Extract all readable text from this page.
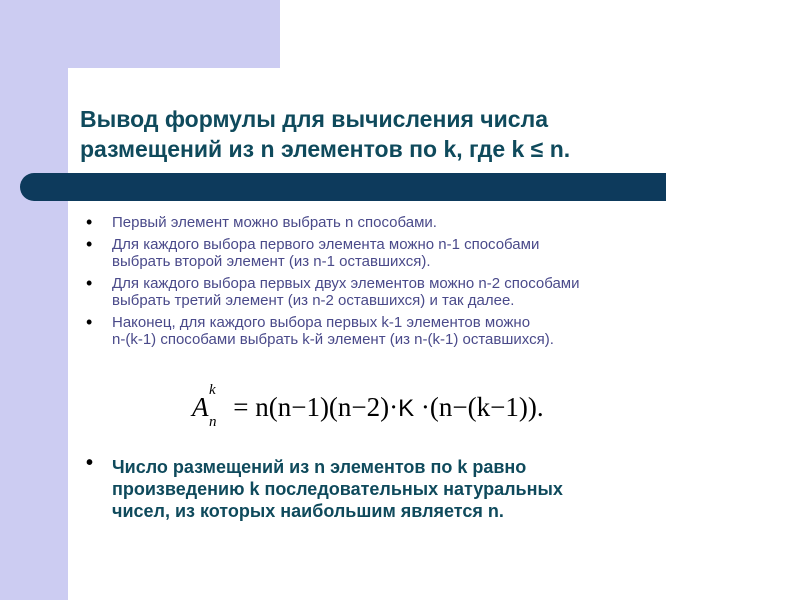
Вывод формулы для вычисления числа
размещений из n элементов по k, где k ≤ n.
• Первый элемент можно выбрать n способами.
• Для каждого выбора первого элемента можно n-1 способами
выбрать второй элемент (из n-1 оставшихся).
• Для каждого выбора первых двух элементов можно n-2 способами
выбрать третий элемент (из n-2 оставшихся) и так далее.
• Наконец, для каждого выбора первых k-1 элементов можно
n-(k-1) способами выбрать k-й элемент (из n-(k-1) оставшихся).
A
k
n = n(n−1)(n−2)·K ·(n−(k−1)).
• Число размещений из n элементов по k равно
произведению k последовательных натуральных
чисел, из которых наибольшим является n.
